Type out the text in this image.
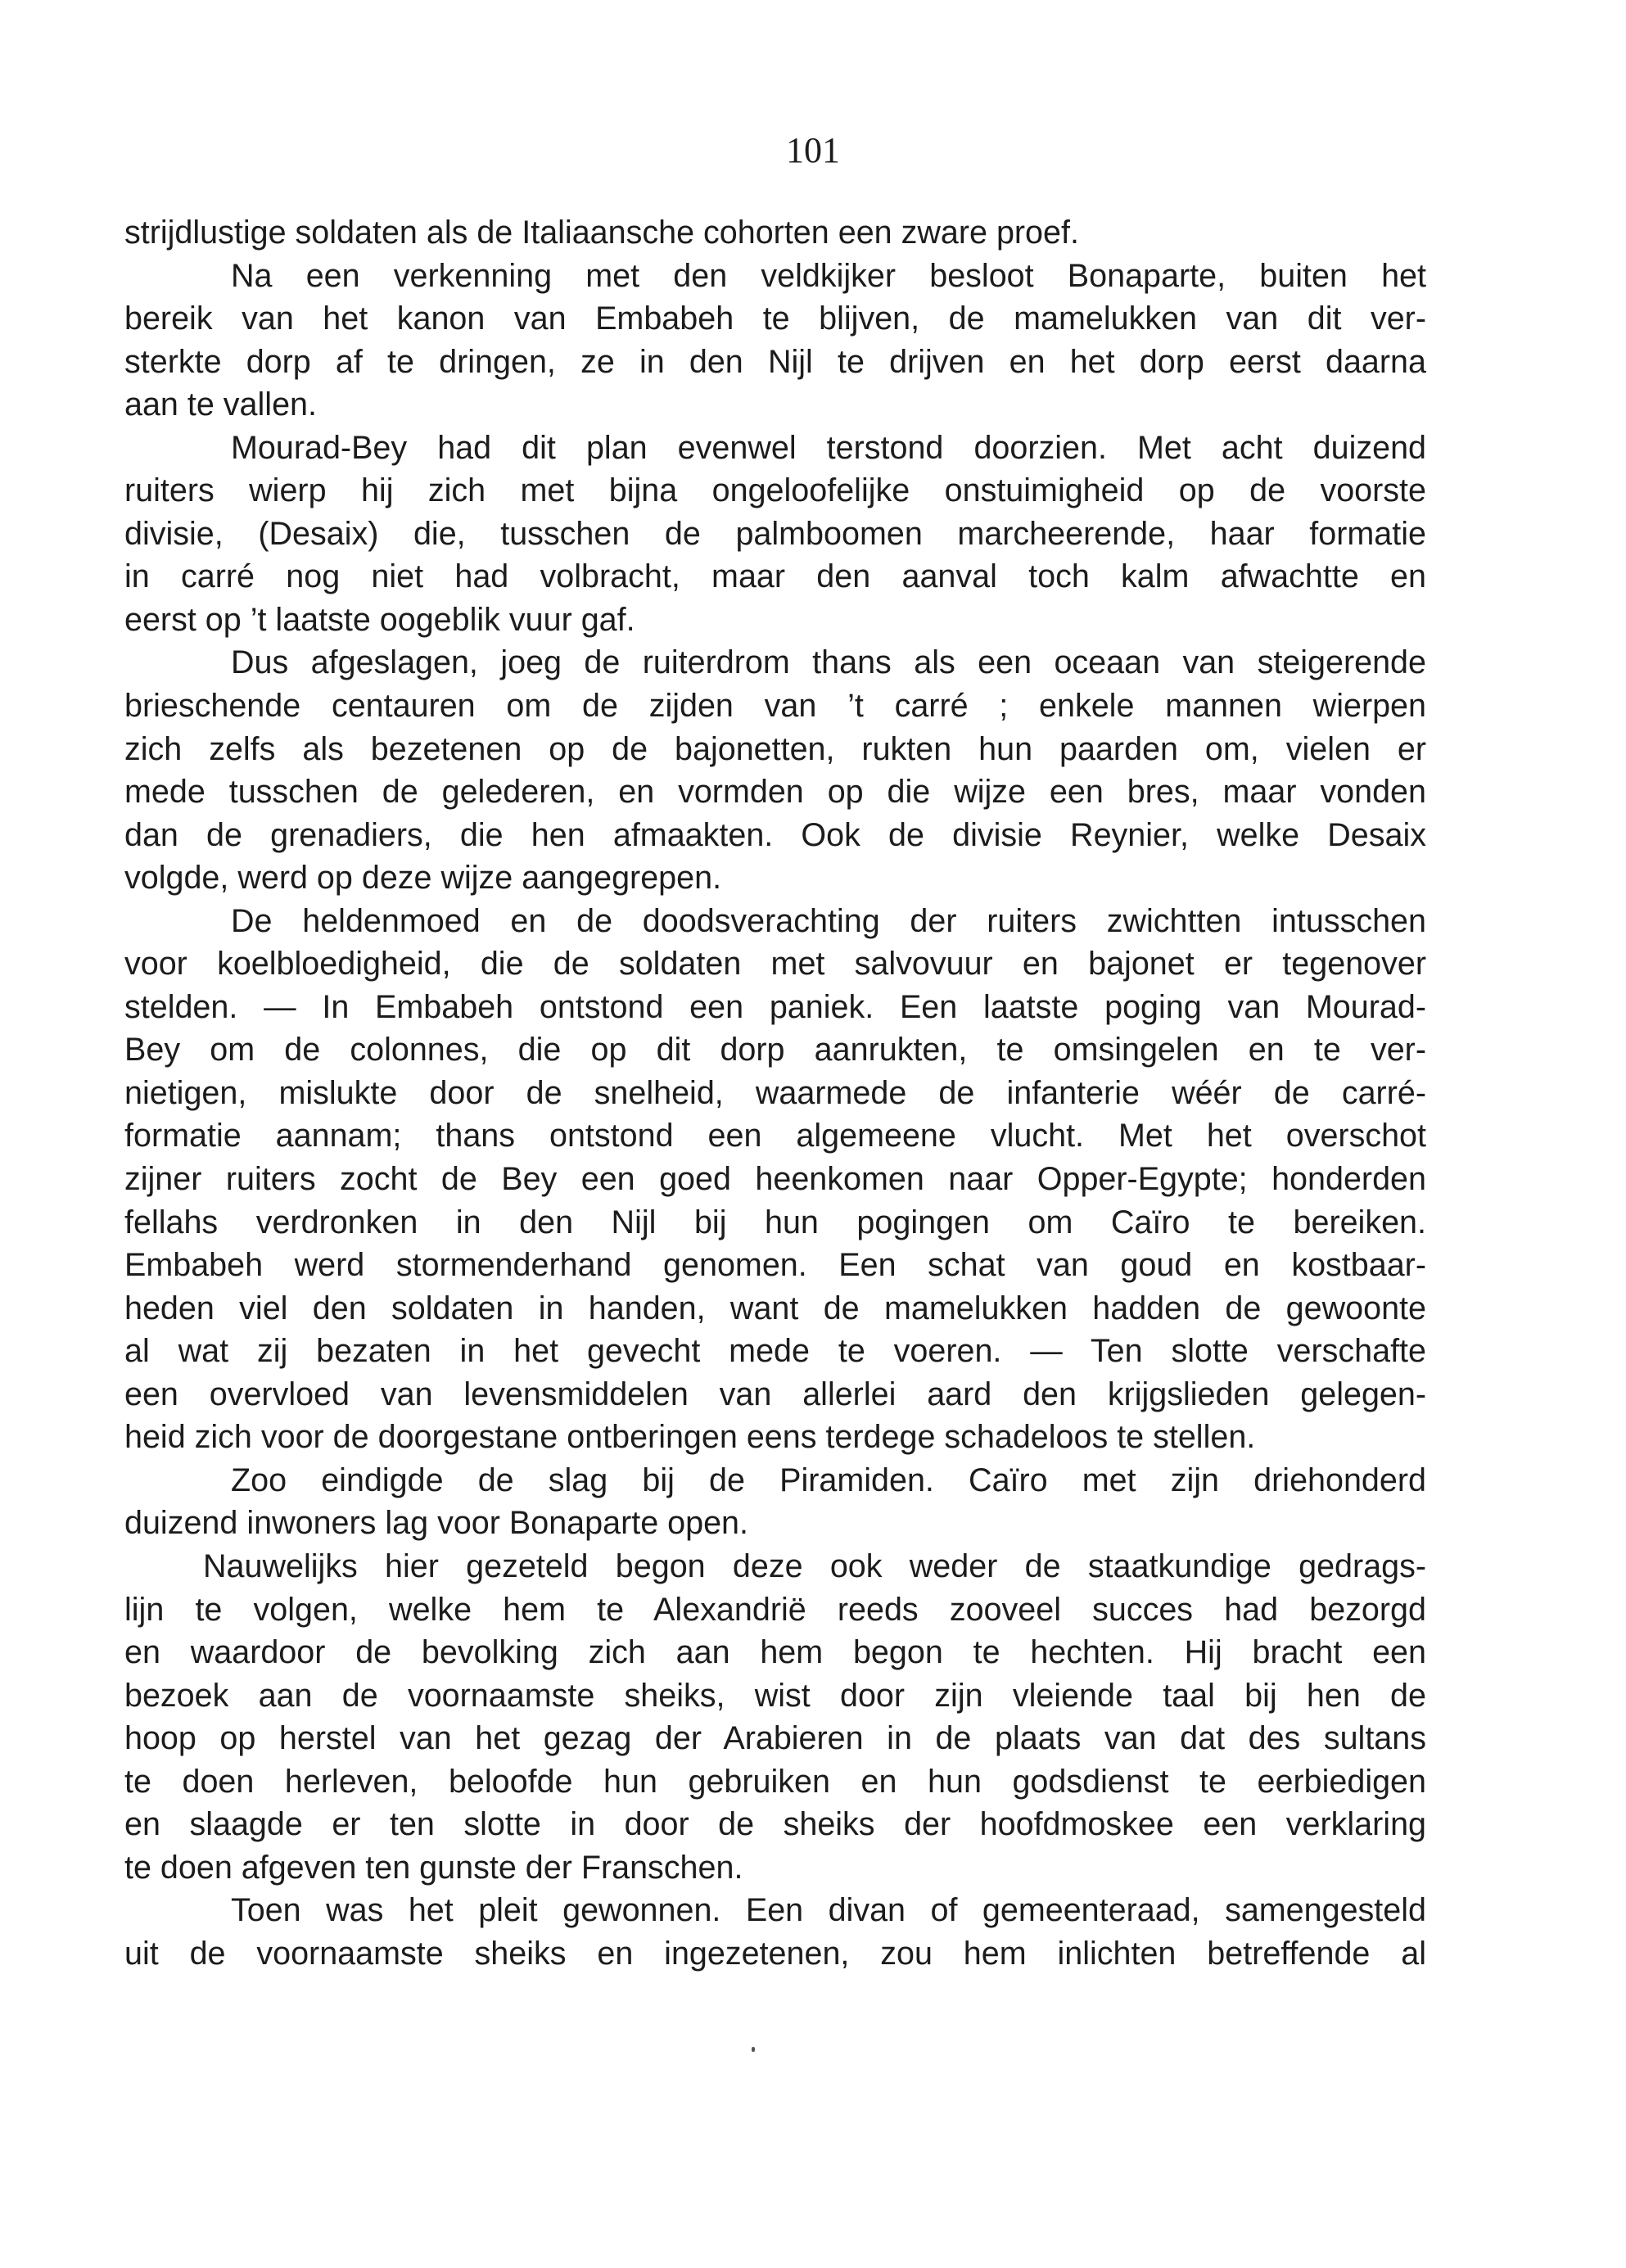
101
strijdlustige soldaten als de Italiaansche cohorten een zware proef.
Na een verkenning met den veldkijker besloot Bonaparte, buiten het
bereik van het kanon van Embabeh te blijven, de mamelukken van dit ver-
sterkte dorp af te dringen, ze in den Nijl te drijven en het dorp eerst daarna
aan te vallen.
Mourad-Bey had dit plan evenwel terstond doorzien. Met acht duizend
ruiters wierp hij zich met bijna ongeloofelijke onstuimigheid op de voorste
divisie, (Desaix) die, tusschen de palmboomen marcheerende, haar formatie
in carré nog niet had volbracht, maar den aanval toch kalm afwachtte en
eerst op ’t laatste oogeblik vuur gaf.
Dus afgeslagen, joeg de ruiterdrom thans als een oceaan van steigerende
brieschende centauren om de zijden van ’t carré ; enkele mannen wierpen
zich zelfs als bezetenen op de bajonetten, rukten hun paarden om, vielen er
mede tusschen de gelederen, en vormden op die wijze een bres, maar vonden
dan de grenadiers, die hen afmaakten. Ook de divisie Reynier, welke Desaix
volgde, werd op deze wijze aangegrepen.
De heldenmoed en de doodsverachting der ruiters zwichtten intusschen
voor koelbloedigheid, die de soldaten met salvovuur en bajonet er tegenover
stelden. — In Embabeh ontstond een paniek. Een laatste poging van Mourad-
Bey om de colonnes, die op dit dorp aanrukten, te omsingelen en te ver-
nietigen, mislukte door de snelheid, waarmede de infanterie wéér de carré-
formatie aannam; thans ontstond een algemeene vlucht. Met het overschot
zijner ruiters zocht de Bey een goed heenkomen naar Opper-Egypte; honderden
fellahs verdronken in den Nijl bij hun pogingen om Caïro te bereiken.
Embabeh werd stormenderhand genomen. Een schat van goud en kostbaar-
heden viel den soldaten in handen, want de mamelukken hadden de gewoonte
al wat zij bezaten in het gevecht mede te voeren. — Ten slotte verschafte
een overvloed van levensmiddelen van allerlei aard den krijgslieden gelegen-
heid zich voor de doorgestane ontberingen eens terdege schadeloos te stellen.
Zoo eindigde de slag bij de Piramiden. Caïro met zijn driehonderd
duizend inwoners lag voor Bonaparte open.
Nauwelijks hier gezeteld begon deze ook weder de staatkundige gedrags-
lijn te volgen, welke hem te Alexandrië reeds zooveel succes had bezorgd
en waardoor de bevolking zich aan hem begon te hechten. Hij bracht een
bezoek aan de voornaamste sheiks, wist door zijn vleiende taal bij hen de
hoop op herstel van het gezag der Arabieren in de plaats van dat des sultans
te doen herleven, beloofde hun gebruiken en hun godsdienst te eerbiedigen
en slaagde er ten slotte in door de sheiks der hoofdmoskee een verklaring
te doen afgeven ten gunste der Franschen.
Toen was het pleit gewonnen. Een divan of gemeenteraad, samengesteld
uit de voornaamste sheiks en ingezetenen, zou hem inlichten betreffende al
